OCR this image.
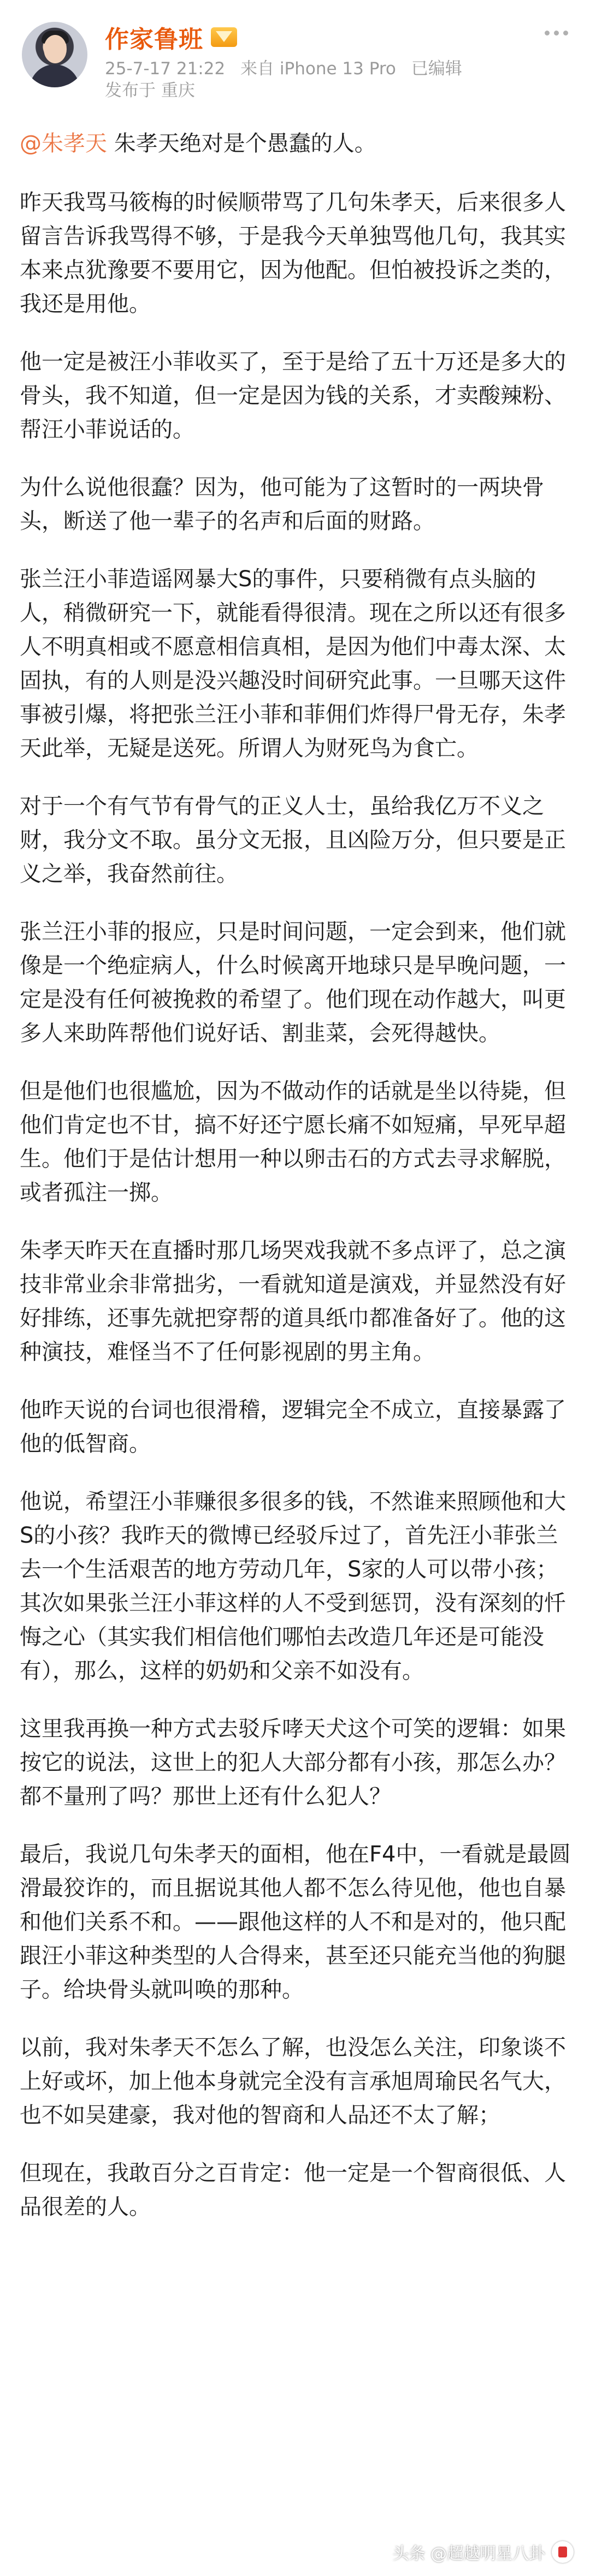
作家鲁班
25-7-17 21:22 来自 iPhone 13 Pro 已编辑
发布于 重庆

@朱孝天 朱孝天绝对是个愚蠢的人。

昨天我骂马筱梅的时候顺带骂了几句朱孝天，后来很多人留言告诉我骂得不够，于是我今天单独骂他几句，我其实本来点犹豫要不要用它，因为他配。但怕被投诉之类的，我还是用他。

他一定是被汪小菲收买了，至于是给了五十万还是多大的骨头，我不知道，但一定是因为钱的关系，才卖酸辣粉、帮汪小菲说话的。

为什么说他很蠢？因为，他可能为了这暂时的一两块骨头，断送了他一辈子的名声和后面的财路。

张兰汪小菲造谣网暴大S的事件，只要稍微有点头脑的人，稍微研究一下，就能看得很清。现在之所以还有很多人不明真相或不愿意相信真相，是因为他们中毒太深、太固执，有的人则是没兴趣没时间研究此事。一旦哪天这件事被引爆，将把张兰汪小菲和菲佣们炸得尸骨无存，朱孝天此举，无疑是送死。所谓人为财死鸟为食亡。

对于一个有气节有骨气的正义人士，虽给我亿万不义之财，我分文不取。虽分文无报，且凶险万分，但只要是正义之举，我奋然前往。

张兰汪小菲的报应，只是时间问题，一定会到来，他们就像是一个绝症病人，什么时候离开地球只是早晚问题，一定是没有任何被挽救的希望了。他们现在动作越大，叫更多人来助阵帮他们说好话、割韭菜，会死得越快。

但是他们也很尴尬，因为不做动作的话就是坐以待毙，但他们肯定也不甘，搞不好还宁愿长痛不如短痛，早死早超生。他们于是估计想用一种以卵击石的方式去寻求解脱，或者孤注一掷。

朱孝天昨天在直播时那几场哭戏我就不多点评了，总之演技非常业余非常拙劣，一看就知道是演戏，并显然没有好好排练，还事先就把穿帮的道具纸巾都准备好了。他的这种演技，难怪当不了任何影视剧的男主角。

他昨天说的台词也很滑稽，逻辑完全不成立，直接暴露了他的低智商。

他说，希望汪小菲赚很多很多的钱，不然谁来照顾他和大S的小孩？我昨天的微博已经驳斥过了，首先汪小菲张兰去一个生活艰苦的地方劳动几年，S家的人可以带小孩；其次如果张兰汪小菲这样的人不受到惩罚，没有深刻的忏悔之心（其实我们相信他们哪怕去改造几年还是可能没有），那么，这样的奶奶和父亲不如没有。

这里我再换一种方式去驳斥哮天犬这个可笑的逻辑：如果按它的说法，这世上的犯人大部分都有小孩，那怎么办？都不量刑了吗？那世上还有什么犯人？

最后，我说几句朱孝天的面相，他在F4中，一看就是最圆滑最狡诈的，而且据说其他人都不怎么待见他，他也自暴和他们关系不和。——跟他这样的人不和是对的，他只配跟汪小菲这种类型的人合得来，甚至还只能充当他的狗腿子。给块骨头就叫唤的那种。

以前，我对朱孝天不怎么了解，也没怎么关注，印象谈不上好或坏，加上他本身就完全没有言承旭周瑜民名气大，也不如吴建豪，我对他的智商和人品还不太了解；

但现在，我敢百分之百肯定：他一定是一个智商很低、人品很差的人。

头条 @超越明星八卦
